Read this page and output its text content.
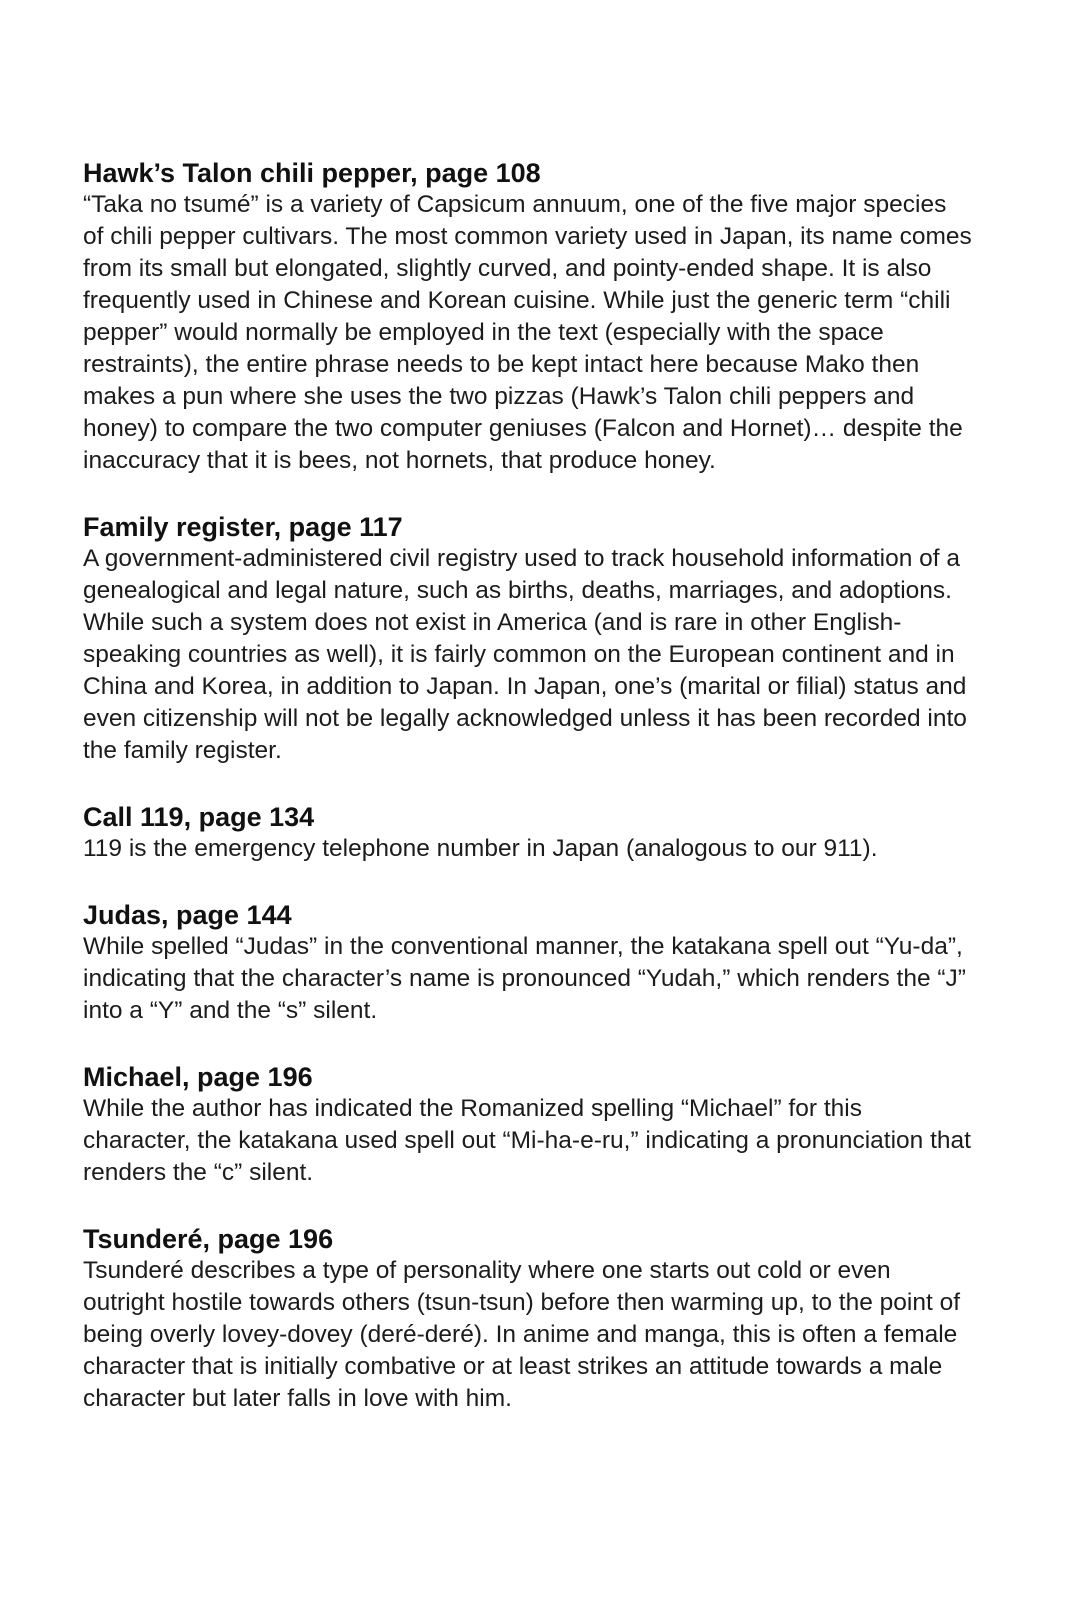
Hawk’s Talon chili pepper, page 108

“Taka no tsumé” is a variety of Capsicum annuum, one of the five major species of chili pepper cultivars. The most common variety used in Japan, its name comes from its small but elongated, slightly curved, and pointy-ended shape. It is also frequently used in Chinese and Korean cuisine. While just the generic term “chili pepper” would normally be employed in the text (especially with the space restraints), the entire phrase needs to be kept intact here because Mako then makes a pun where she uses the two pizzas (Hawk’s Talon chili peppers and honey) to compare the two computer geniuses (Falcon and Hornet)… despite the inaccuracy that it is bees, not hornets, that produce honey.

Family register, page 117

A government-administered civil registry used to track household information of a genealogical and legal nature, such as births, deaths, marriages, and adoptions. While such a system does not exist in America (and is rare in other English-speaking countries as well), it is fairly common on the European continent and in China and Korea, in addition to Japan. In Japan, one’s (marital or filial) status and even citizenship will not be legally acknowledged unless it has been recorded into the family register.

Call 119, page 134

119 is the emergency telephone number in Japan (analogous to our 911).

Judas, page 144

While spelled “Judas” in the conventional manner, the katakana spell out “Yu-da”, indicating that the character’s name is pronounced “Yudah,” which renders the “J” into a “Y” and the “s” silent.

Michael, page 196

While the author has indicated the Romanized spelling “Michael” for this character, the katakana used spell out “Mi-ha-e-ru,” indicating a pronunciation that renders the “c” silent.

Tsunderé, page 196

Tsunderé describes a type of personality where one starts out cold or even outright hostile towards others (tsun-tsun) before then warming up, to the point of being overly lovey-dovey (deré-deré). In anime and manga, this is often a female character that is initially combative or at least strikes an attitude towards a male character but later falls in love with him.
